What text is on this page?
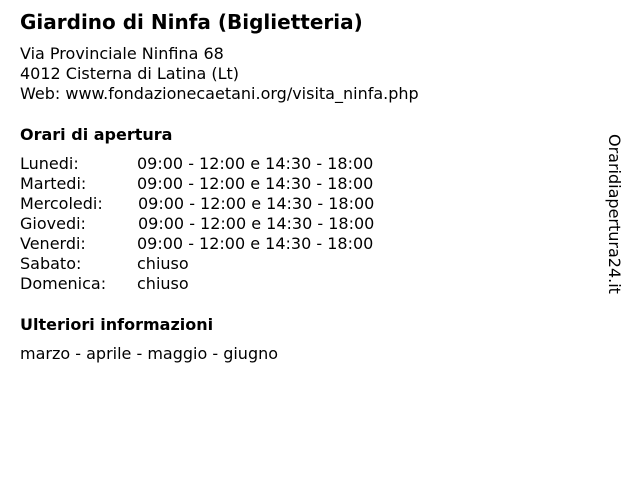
Giardino di Ninfa (Biglietteria)
Via Provinciale Ninfina 68
4012 Cisterna di Latina (Lt)
Web: www.fondazionecaetani.org/visita_ninfa.php
Orari di apertura
Lunedi:	09:00 - 12:00 e 14:30 - 18:00
Martedi:	09:00 - 12:00 e 14:30 - 18:00
Mercoledi: 09:00 - 12:00 e 14:30 - 18:00
Giovedi:	09:00 - 12:00 e 14:30 - 18:00
Venerdi:	09:00 - 12:00 e 14:30 - 18:00
Sabato:	chiuso
Domenica: chiuso
Ulteriori informazioni
marzo - aprile - maggio - giugno
Oraridiapertura24.it
